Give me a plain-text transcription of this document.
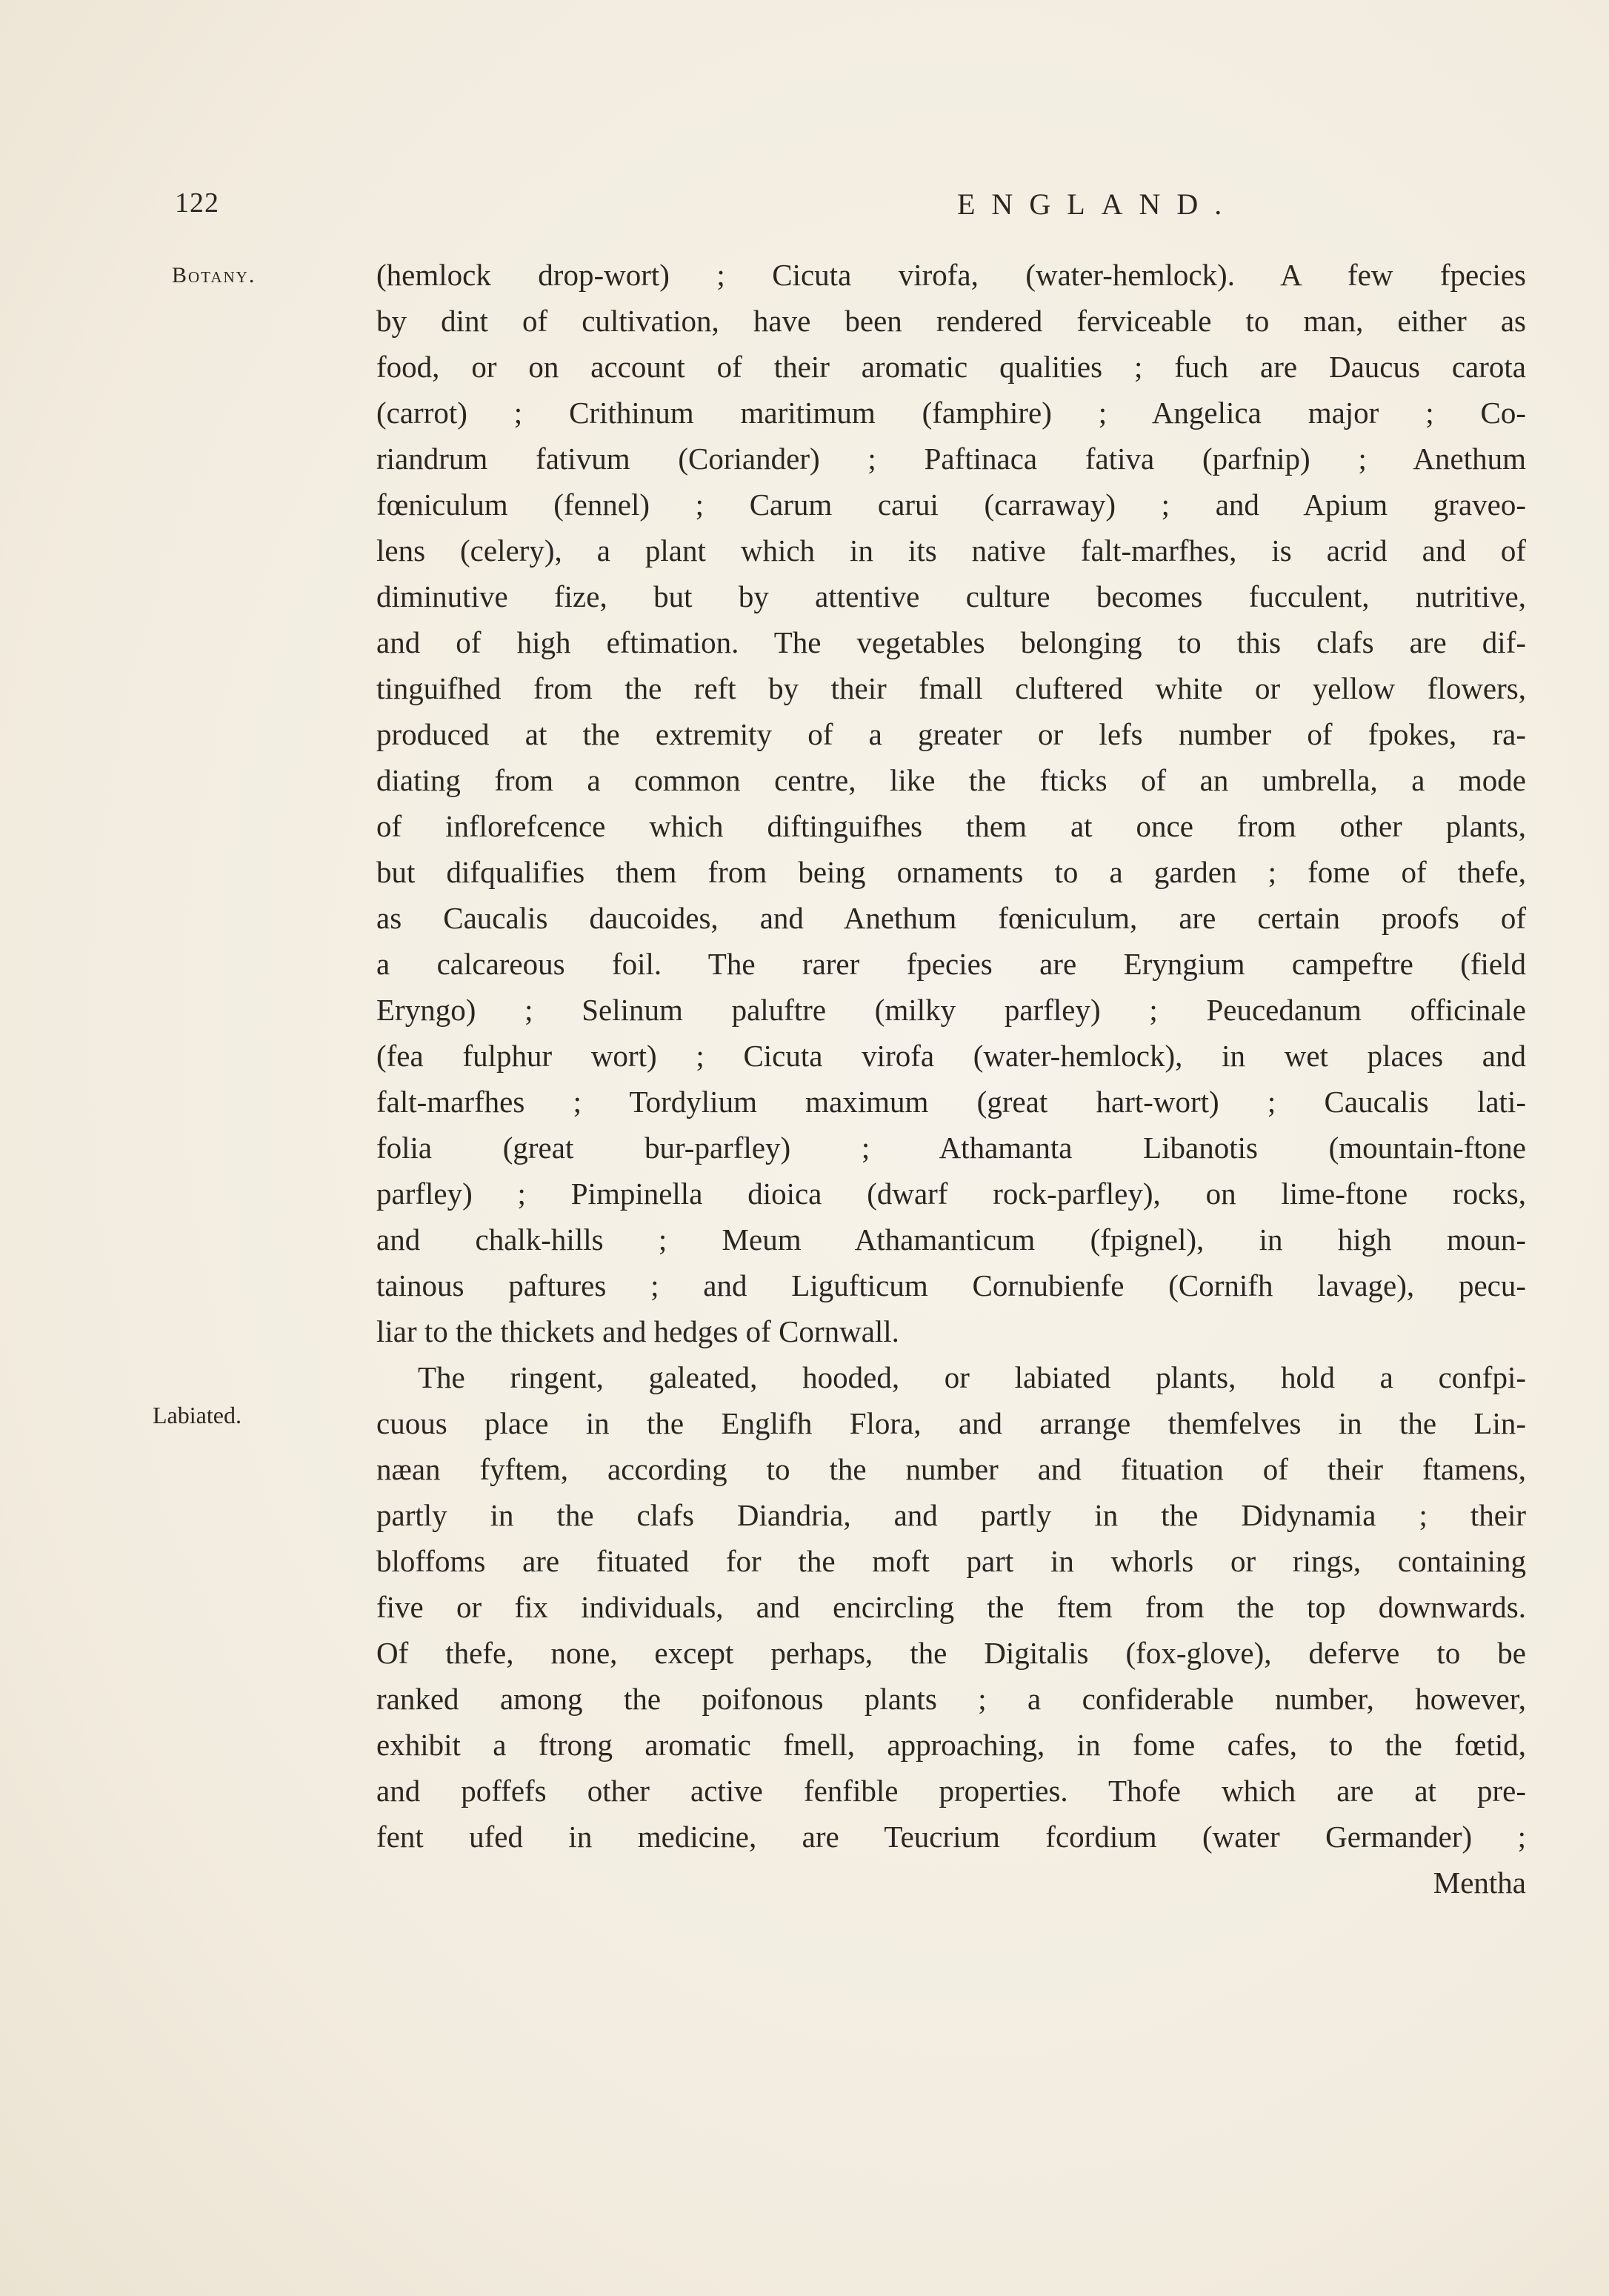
122	ENGLAND.
Botany.
Labiated.
(hemlock drop-wort) ; Cicuta virofa, (water-hemlock). A few fpecies
by dint of cultivation, have been rendered ferviceable to man, either as
food, or on account of their aromatic qualities ; fuch are Daucus carota
(carrot) ; Crithinum maritimum (famphire) ; Angelica major ; Co-
riandrum fativum (Coriander) ; Paftinaca fativa (parfnip) ; Anethum
fœniculum (fennel) ; Carum carui (carraway) ; and Apium graveo-
lens (celery), a plant which in its native falt-marfhes, is acrid and of
diminutive fize, but by attentive culture becomes fucculent, nutritive,
and of high eftimation. The vegetables belonging to this clafs are dif-
tinguifhed from the reft by their fmall cluftered white or yellow flowers,
produced at the extremity of a greater or lefs number of fpokes, ra-
diating from a common centre, like the fticks of an umbrella, a mode
of inflorefcence which diftinguifhes them at once from other plants,
but difqualifies them from being ornaments to a garden ; fome of thefe,
as Caucalis daucoides, and Anethum fœniculum, are certain proofs of
a calcareous foil. The rarer fpecies are Eryngium campeftre (field
Eryngo) ; Selinum paluftre (milky parfley) ; Peucedanum officinale
(fea fulphur wort) ; Cicuta virofa (water-hemlock), in wet places and
falt-marfhes ; Tordylium maximum (great hart-wort) ; Caucalis lati-
folia (great bur-parfley) ; Athamanta Libanotis (mountain-ftone
parfley) ; Pimpinella dioica (dwarf rock-parfley), on lime-ftone rocks,
and chalk-hills ; Meum Athamanticum (fpignel), in high moun-
tainous paftures ; and Ligufticum Cornubienfe (Cornifh lavage), pecu-
liar to the thickets and hedges of Cornwall.
The ringent, galeated, hooded, or labiated plants, hold a confpi-
cuous place in the Englifh Flora, and arrange themfelves in the Lin-
næan fyftem, according to the number and fituation of their ftamens,
partly in the clafs Diandria, and partly in the Didynamia ; their
bloffoms are fituated for the moft part in whorls or rings, containing
five or fix individuals, and encircling the ftem from the top downwards.
Of thefe, none, except perhaps, the Digitalis (fox-glove), deferve to be
ranked among the poifonous plants ; a confiderable number, however,
exhibit a ftrong aromatic fmell, approaching, in fome cafes, to the fœtid,
and poffefs other active fenfible properties. Thofe which are at pre-
fent ufed in medicine, are Teucrium fcordium (water Germander) ;
Mentha
